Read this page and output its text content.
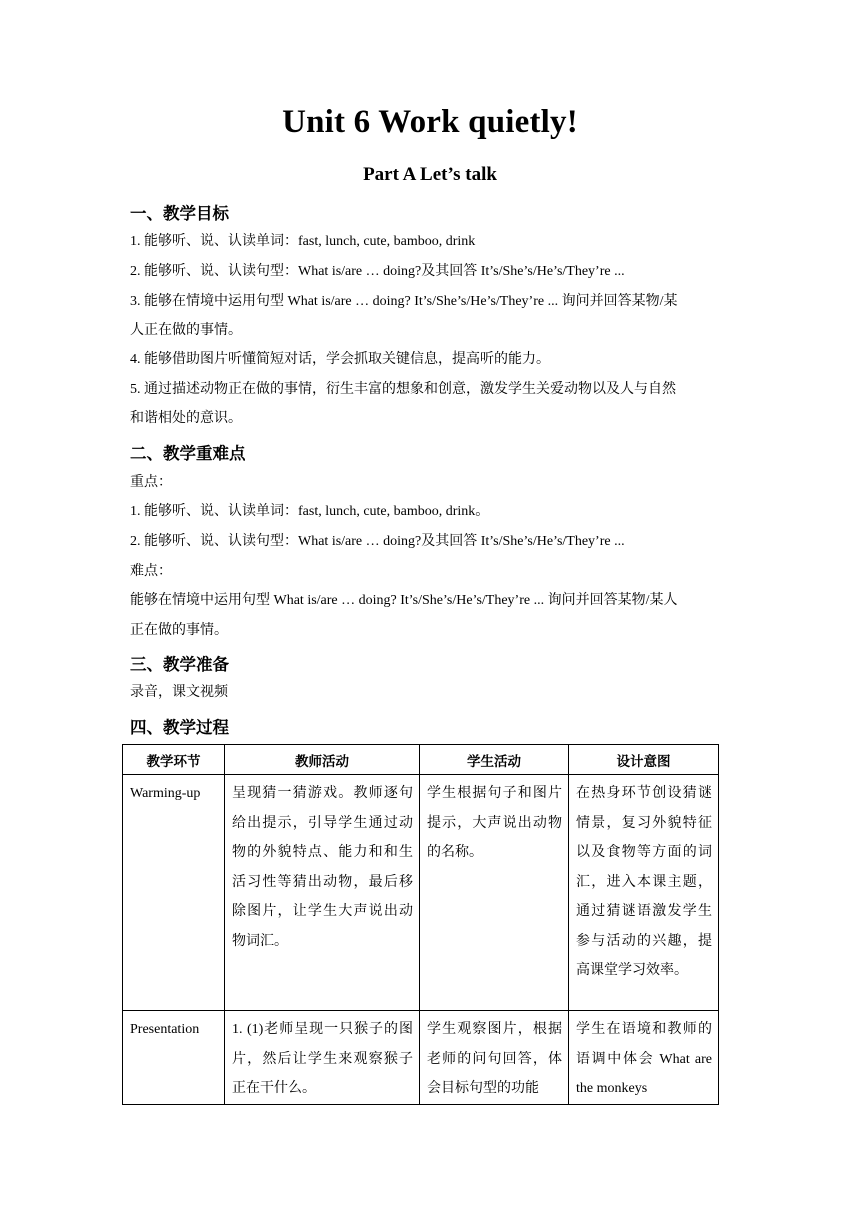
Unit 6 Work quietly!
Part A Let’s talk
一、教学目标
1. 能够听、说、认读单词：fast, lunch, cute, bamboo, drink
2. 能够听、说、认读句型：What is/are … doing?及其回答 It’s/She’s/He’s/They’re ...
3. 能够在情境中运用句型 What is/are … doing? It’s/She’s/He’s/They’re ... 询问并回答某物/某
人正在做的事情。
4. 能够借助图片听懂简短对话，学会抓取关键信息，提高听的能力。
5. 通过描述动物正在做的事情，衍生丰富的想象和创意，激发学生关爱动物以及人与自然
和谐相处的意识。
二、教学重难点
重点：
1. 能够听、说、认读单词：fast, lunch, cute, bamboo, drink。
2. 能够听、说、认读句型：What is/are … doing?及其回答 It’s/She’s/He’s/They’re ...
难点：
能够在情境中运用句型 What is/are … doing? It’s/She’s/He’s/They’re ... 询问并回答某物/某人
正在做的事情。
三、教学准备
录音，课文视频
四、教学过程
教学环节	教师活动	学生活动	设计意图
Warming-up	呈现猜一猜游戏。教师逐句给出提示，引导学生通过动物的外貌特点、能力和和生活习性等猜出动物，最后移除图片，让学生大声说出动物词汇。	学生根据句子和图片提示，大声说出动物的名称。	在热身环节创设猜谜情景，复习外貌特征以及食物等方面的词汇，进入本课主题，通过猜谜语激发学生参与活动的兴趣，提高课堂学习效率。
Presentation	1. (1)老师呈现一只猴子的图片，然后让学生来观察猴子正在干什么。	学生观察图片，根据老师的问句回答，体会目标句型的功能	学生在语境和教师的语调中体会 What are the monkeys
